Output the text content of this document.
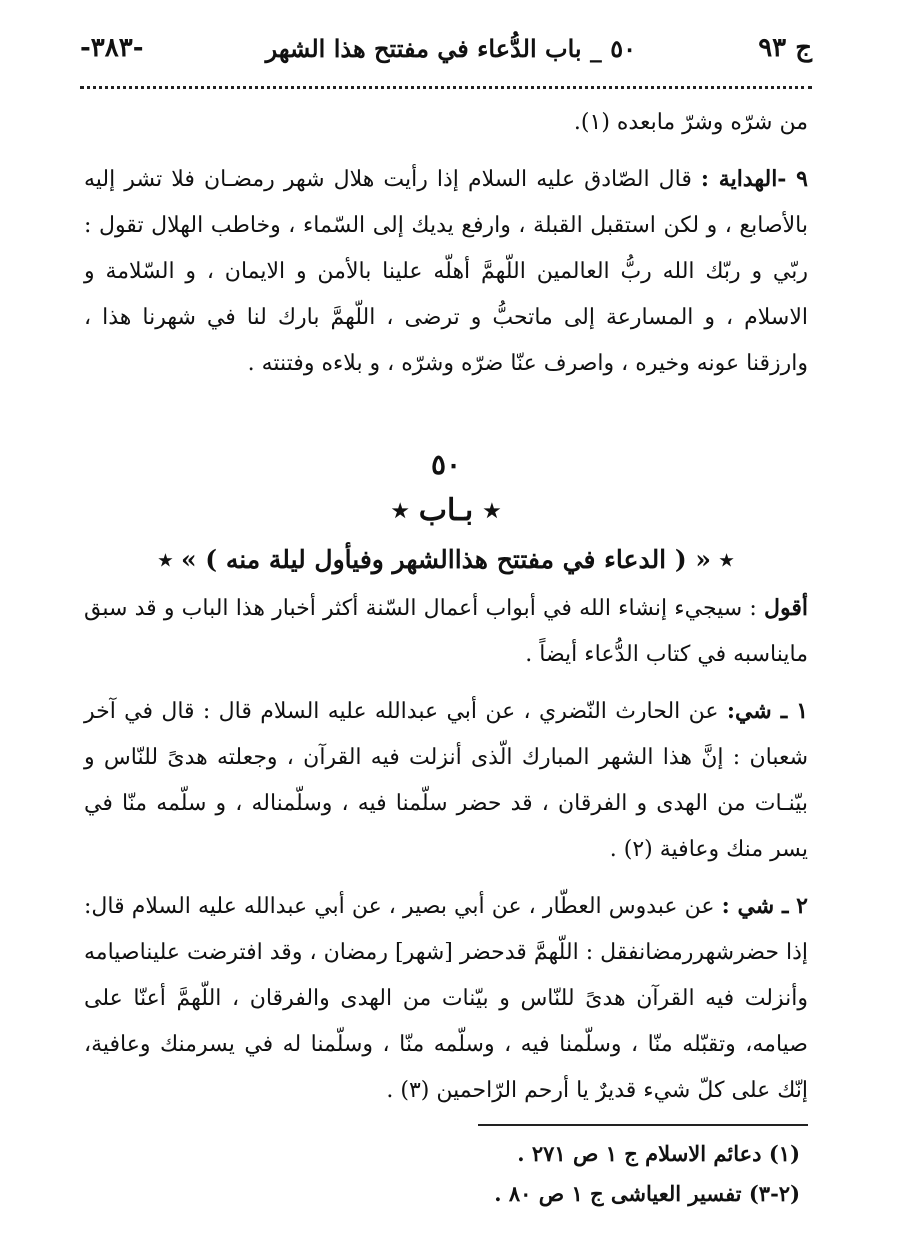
ج ٩٣
٥٠ _ باب الدُّعاء في مفتتح هذا الشهر
-٣٨٣-

من شرّه وشرّ مابعده (١).

٩ -الهداية : قال الصّادق عليه السلام إذا رأيت هلال شهر رمضـان فلا تشر إليه بالأصابع ، و لكن استقبل القبلة ، وارفع يديك إلى السّماء ، وخاطب الهلال تقول : ربّي و ربّك الله ربُّ العالمين اللّهمَّ أهلّه علينا بالأمن و الايمان ، و السّلامة و الاسلام ، و المسارعة إلى ماتحبُّ و ترضى ، اللّهمَّ بارك لنا في شهرنا هذا ، وارزقنا عونه وخيره ، واصرف عنّا ضرّه وشرّه ، و بلاءه وفتنته .

٥٠
٭ بـاب ٭
٭ « ( الدعاء في مفتتح هذاالشهر وفيأول ليلة منه ) » ٭

أقول : سيجيء إنشاء الله في أبواب أعمال السّنة أكثر أخبار هذا الباب و قد سبق مايناسبه في كتاب الدُّعاء أيضاً .

١ ـ شي: عن الحارث النّضري ، عن أبي عبدالله عليه السلام قال : قال في آخر شعبان : إنَّ هذا الشهر المبارك الّذى أنزلت فيه القرآن ، وجعلته هدىً للنّاس و بيّنـات من الهدى و الفرقان ، قد حضر سلّمنا فيه ، وسلّمناله ، و سلّمه منّا في يسر منك وعافية (٢) .

٢ ـ شي : عن عبدوس العطّار ، عن أبي بصير ، عن أبي عبدالله عليه السلام قال: إذا حضرشهررمضانفقل : اللّهمَّ قدحضر [شهر] رمضان ، وقد افترضت عليناصيامه وأنزلت فيه القرآن هدىً للنّاس و بيّنات من الهدى والفرقان ، اللّهمَّ أعنّا على صيامه، وتقبّله منّا ، وسلّمنا فيه ، وسلّمه منّا ، وسلّمنا له في يسرمنك وعافية، إنّك على كلّ شيء قديرٌ يا أرحم الرّاحمين (٣) .

(١) دعائم الاسلام ج ١ ص ٢٧١ .
(٢-٣) تفسير العياشى ج ١ ص ٨٠ .
